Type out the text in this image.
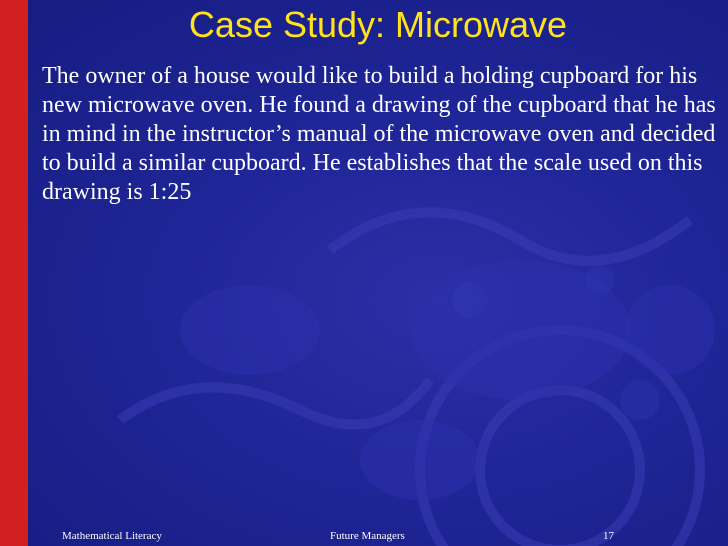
Case Study: Microwave

The owner of a house would like to build a holding cupboard for his new microwave oven. He found a drawing of the cupboard that he has in mind in the instructor’s manual of the microwave oven and decided to build a similar cupboard. He establishes that the scale used on this drawing is 1:25

Mathematical Literacy	Future Managers	17
